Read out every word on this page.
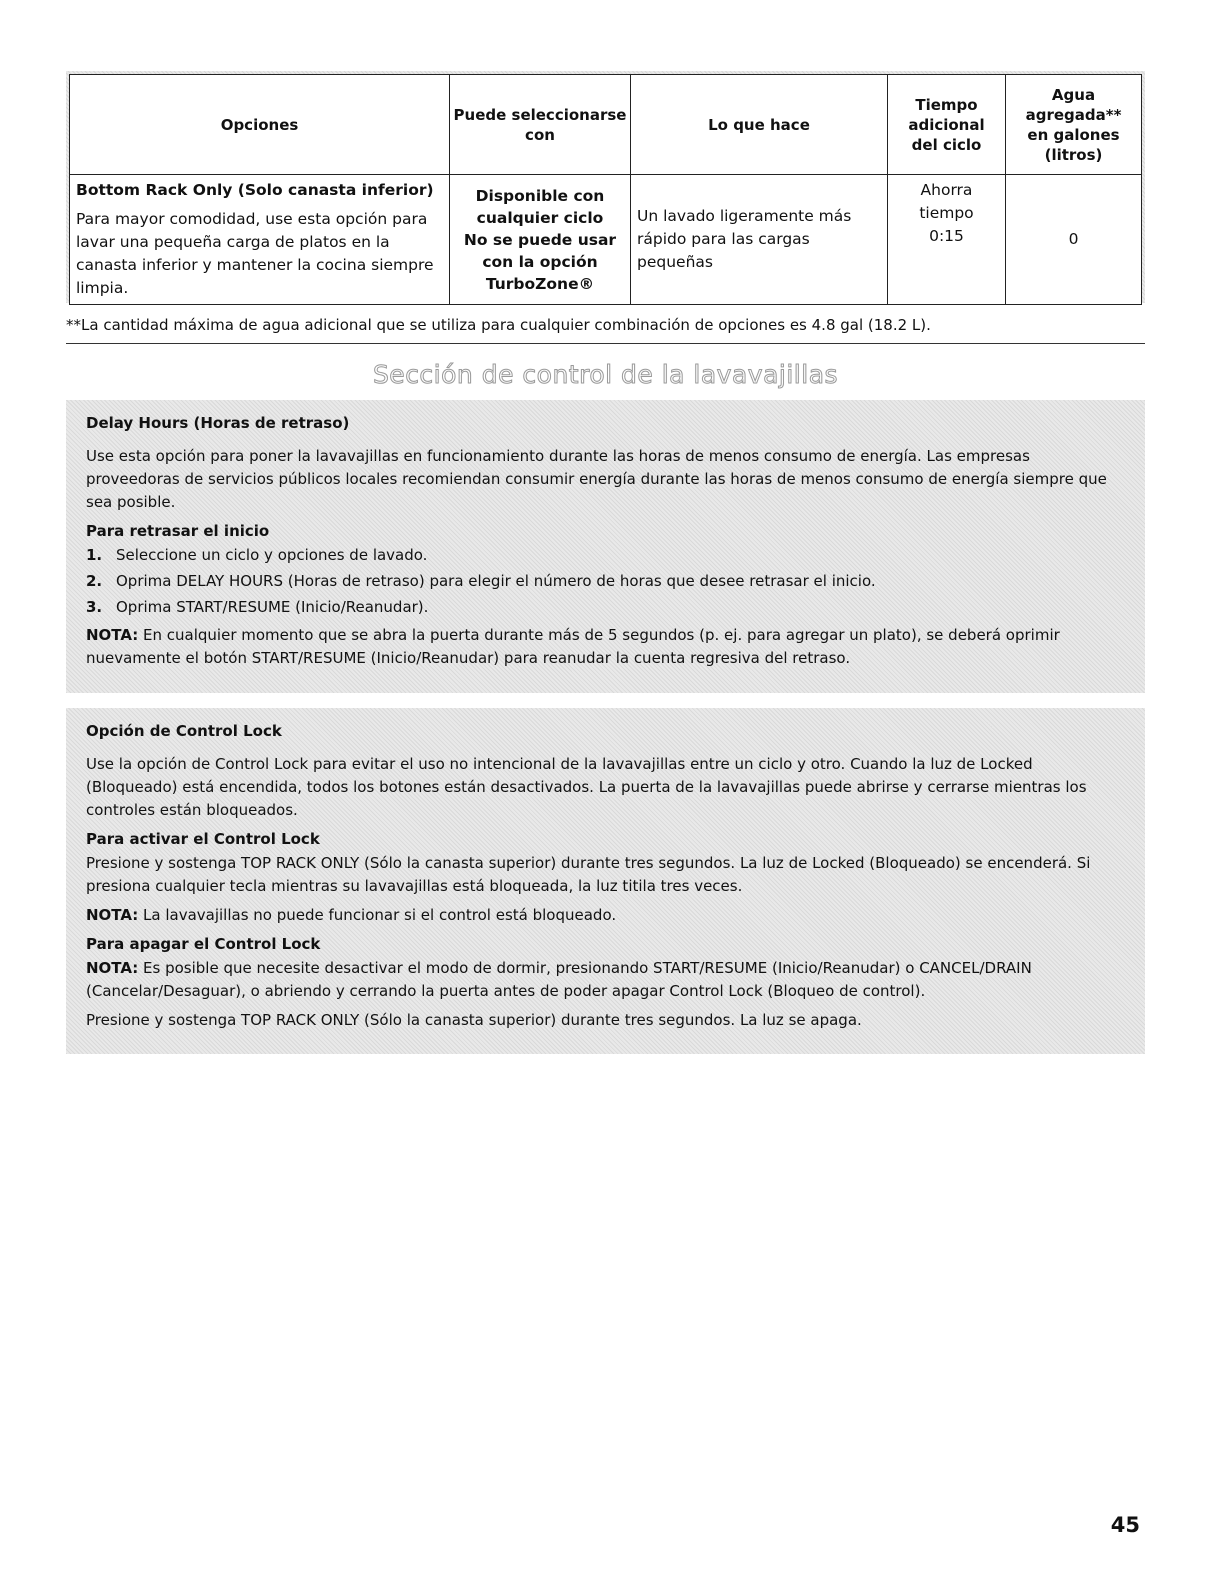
Opciones	Puede seleccionarse con	Lo que hace	Tiempo adicional del ciclo	Agua agregada** en galones (litros)

Bottom Rack Only (Solo canasta inferior)
Para mayor comodidad, use esta opción para lavar una pequeña carga de platos en la canasta inferior y mantener la cocina siempre limpia.	Disponible con
cualquier ciclo
No se puede usar
con la opción
TurboZone®	Un lavado ligeramente más rápido para las cargas pequeñas	Ahorra
tiempo
0:15	0
**La cantidad máxima de agua adicional que se utiliza para cualquier combinación de opciones es 4.8 gal (18.2 L).
Sección de control de la lavavajillas
Delay Hours (Horas de retraso)

Use esta opción para poner la lavavajillas en funcionamiento durante las horas de menos consumo de energía. Las empresas proveedoras de servicios públicos locales recomiendan consumir energía durante las horas de menos consumo de energía siempre que sea posible.

Para retrasar el inicio
1. Seleccione un ciclo y opciones de lavado.
2. Oprima DELAY HOURS (Horas de retraso) para elegir el número de horas que desee retrasar el inicio.
3. Oprima START/RESUME (Inicio/Reanudar).

NOTA: En cualquier momento que se abra la puerta durante más de 5 segundos (p. ej. para agregar un plato), se deberá oprimir nuevamente el botón START/RESUME (Inicio/Reanudar) para reanudar la cuenta regresiva del retraso.

Opción de Control Lock

Use la opción de Control Lock para evitar el uso no intencional de la lavavajillas entre un ciclo y otro. Cuando la luz de Locked (Bloqueado) está encendida, todos los botones están desactivados. La puerta de la lavavajillas puede abrirse y cerrarse mientras los controles están bloqueados.

Para activar el Control Lock

Presione y sostenga TOP RACK ONLY (Sólo la canasta superior) durante tres segundos. La luz de Locked (Bloqueado) se encenderá. Si presiona cualquier tecla mientras su lavavajillas está bloqueada, la luz titila tres veces.

NOTA: La lavavajillas no puede funcionar si el control está bloqueado.

Para apagar el Control Lock

NOTA: Es posible que necesite desactivar el modo de dormir, presionando START/RESUME (Inicio/Reanudar) o CANCEL/DRAIN (Cancelar/Desaguar), o abriendo y cerrando la puerta antes de poder apagar Control Lock (Bloqueo de control).

Presione y sostenga TOP RACK ONLY (Sólo la canasta superior) durante tres segundos. La luz se apaga.

45
